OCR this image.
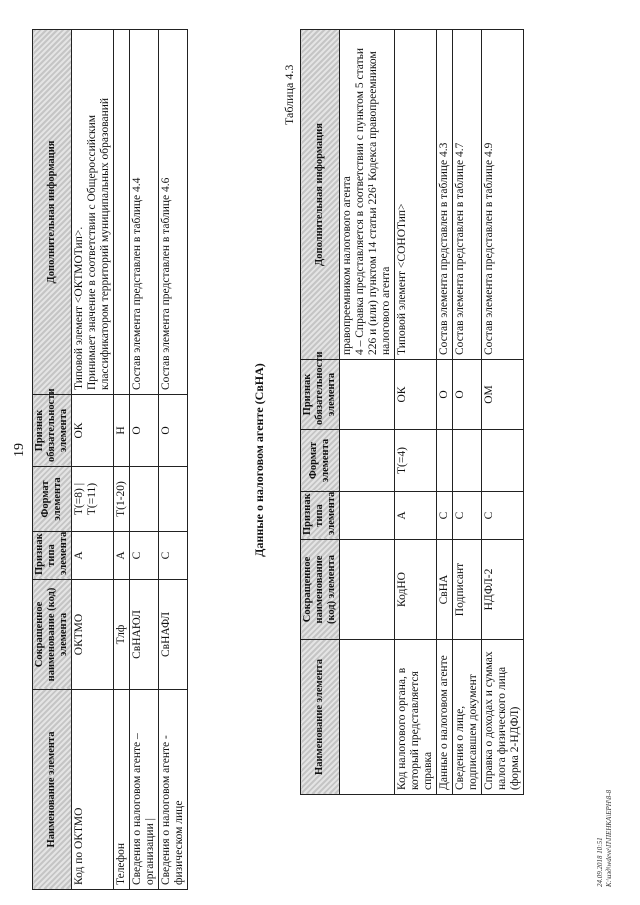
19
Наименование элемента	Сокращенное наименование (код) элемента	Признак типа элемента	Формат элемента	Признак обязательности элемента	Дополнительная информация

					правопреемником налогового агента 4 – Справка представляется в соответствии с пунктом 5 статьи 226 и (или) пунктом 14 статьи 226¹ Кодекса правопреемником налогового агента

Код налогового органа, в который представляется справка	КодНО	А	Т(=4)	ОК	Типовой элемент <СОНОТип>
Данные о налоговом агенте	СвНА	С		О	Состав элемента представлен в таблице 4.3
Сведения о лице, подписавшем документ	Подписант	С		О	Состав элемента представлен в таблице 4.7
Справка о доходах и суммах налога физического лица (форма 2-НДФЛ)	НДФЛ-2	С		ОМ	Состав элемента представлен в таблице 4.9
Таблица 4.3
Данные о налоговом агенте (СвНА)
Наименование элемента	Сокращенное наименование (код) элемента	Признак типа элемента	Формат элемента	Признак обязательности элемента	Дополнительная информация
Код по ОКТМО	ОКТМО	А	Т(=8) | Т(=11)	ОК	Типовой элемент <ОКТМОТип>. Принимает значение в соответствии с Общероссийским классификатором территорий муниципальных образований

Телефон	Тлф	А	Т(1-20)	Н	
Сведения о налоговом агенте – организации |	СвНАЮЛ	С		О	Состав элемента представлен в таблице 4.4
Сведения о налоговом агенте - физическом лице	СвНАФЛ	С		О	Состав элемента представлен в таблице 4.6
24.09.2018 10:51 К:\изд\wdeve\П\ПЕНКА\EPH\8-8
